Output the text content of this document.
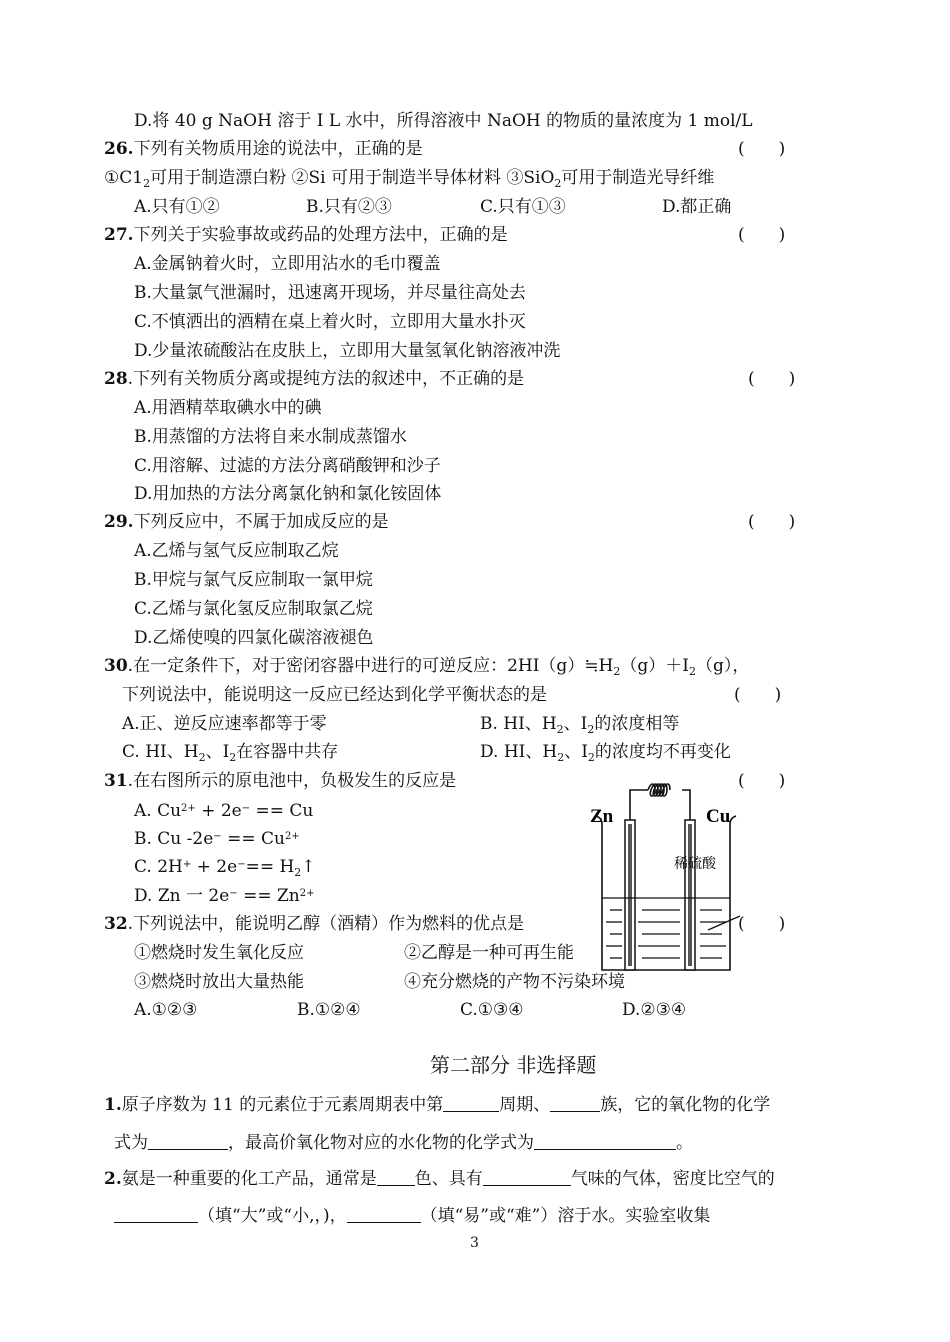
D.将 40 g NaOH 溶于 I L 水中，所得溶液中 NaOH 的物质的量浓度为 1 mol/L
26.下列有关物质用途的说法中，正确的是	(　　)
$①C1_2$可用于制造漂白粉 ②Si 可用于制造半导体材料 ③SiO$_2$可用于制造光导纤维
A.只有①②	B.只有②③	C.只有①③	D.都正确
27.下列关于实验事故或药品的处理方法中，正确的是	(　　)
A.金属钠着火时，立即用沾水的毛巾覆盖
B.大量氯气泄漏时，迅速离开现场，并尽量往高处去
C.不慎洒出的酒精在桌上着火时，立即用大量水扑灭
D.少量浓硫酸沾在皮肤上，立即用大量氢氧化钠溶液冲洗
28.下列有关物质分离或提纯方法的叙述中，不正确的是	(　　)
A.用酒精萃取碘水中的碘
B.用蒸馏的方法将自来水制成蒸馏水
C.用溶解、过滤的方法分离硝酸钾和沙子
D.用加热的方法分离氯化钠和氯化铵固体
29.下列反应中，不属于加成反应的是	(　　)
A.乙烯与氢气反应制取乙烷
B.甲烷与氯气反应制取一氯甲烷
C.乙烯与氯化氢反应制取氯乙烷
D.乙烯使嗅的四氯化碳溶液褪色
30.在一定条件下，对于密闭容器中进行的可逆反应：$2HI(g)≒H_2(g)+I_2(g)$，
下列说法中，能说明这一反应已经达到化学平衡状态的是	(　　)
A.正、逆反应速率都等于零	B. HI、$H_2$、$I_2$的浓度相等
C. HI、$H_2$、$I_2$在容器中共存	D. HI、$H_2$、$I_2$的浓度均不再变化
31.在右图所示的原电池中，负极发生的反应是	(　　)
A. $Cu^{2+} + 2e^- == Cu$
B. Cu $-2e^- == Cu^{2+}$
C. $2H^+ + 2e^-== H_2↑$
D. Zn 一 $2e^- == Zn^{2+}$
Zn	Cu
稀硫酸
32.下列说法中，能说明乙醇（酒精）作为燃料的优点是	(　　)
①燃烧时发生氧化反应	②乙醇是一种可再生能
③燃烧时放出大量热能	④充分燃烧的产物不污染环境
A.①②③	B.①②④	C.①③④	D.②③④
第二部分 非选择题
1.原子序数为 11 的元素位于元素周期表中第	周期、	族，它的氧化物的化学
式为	，最高价氧化物对应的水化物的化学式为	。
2.氨是一种重要的化工产品，通常是 色、具有	气味的气体，密度比空气的
（填“大”或“小,，)，	（填“易”或“难”）溶于水。实验室收集
3
